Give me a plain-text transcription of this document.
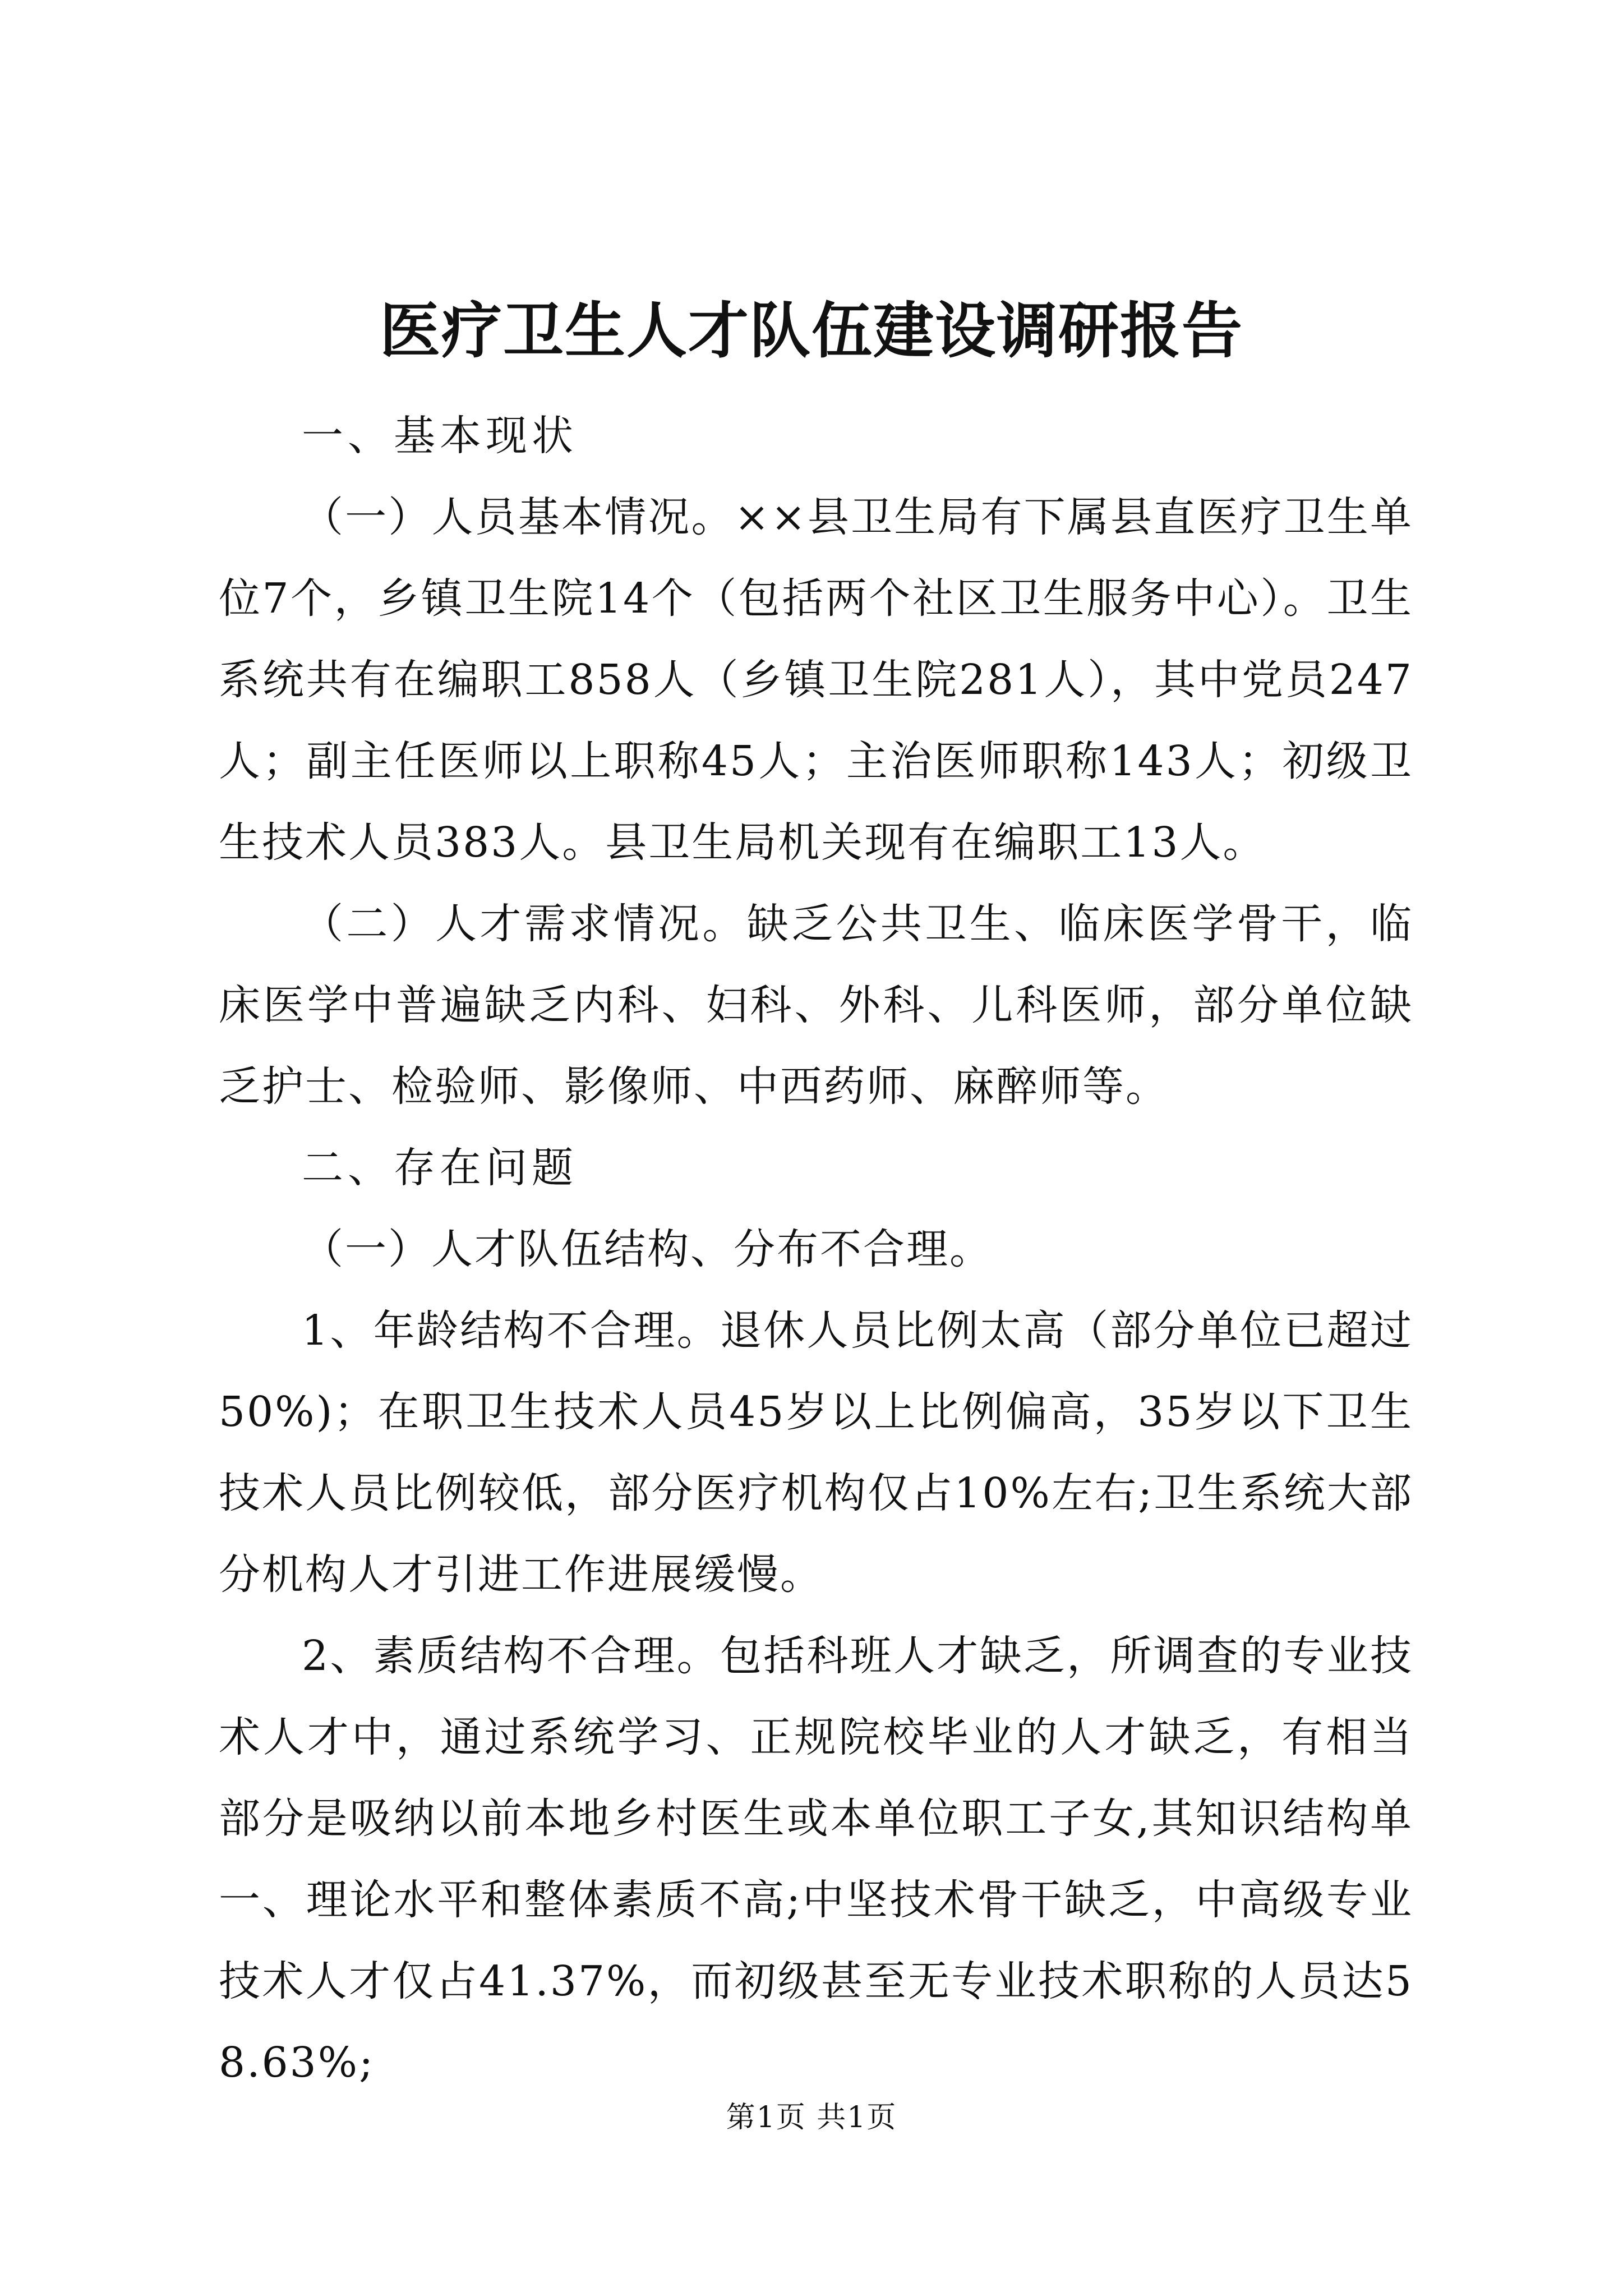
医疗卫生人才队伍建设调研报告

一、基本现状

（一）人员基本情况。××县卫生局有下属县直医疗卫生单位7个，乡镇卫生院14个（包括两个社区卫生服务中心）。卫生系统共有在编职工858人（乡镇卫生院281人），其中党员247人；副主任医师以上职称45人；主治医师职称143人；初级卫生技术人员383人。县卫生局机关现有在编职工13人。

（二）人才需求情况。缺乏公共卫生、临床医学骨干，临床医学中普遍缺乏内科、妇科、外科、儿科医师，部分单位缺乏护士、检验师、影像师、中西药师、麻醉师等。

二、存在问题

（一）人才队伍结构、分布不合理。

1、年龄结构不合理。退休人员比例太高（部分单位已超过50%)；在职卫生技术人员45岁以上比例偏高，35岁以下卫生技术人员比例较低，部分医疗机构仅占10%左右;卫生系统大部分机构人才引进工作进展缓慢。

2、素质结构不合理。包括科班人才缺乏，所调查的专业技术人才中，通过系统学习、正规院校毕业的人才缺乏，有相当部分是吸纳以前本地乡村医生或本单位职工子女,其知识结构单一、理论水平和整体素质不高;中坚技术骨干缺乏，中高级专业技术人才仅占41.37%，而初级甚至无专业技术职称的人员达58.63%;

第1页 共1页
